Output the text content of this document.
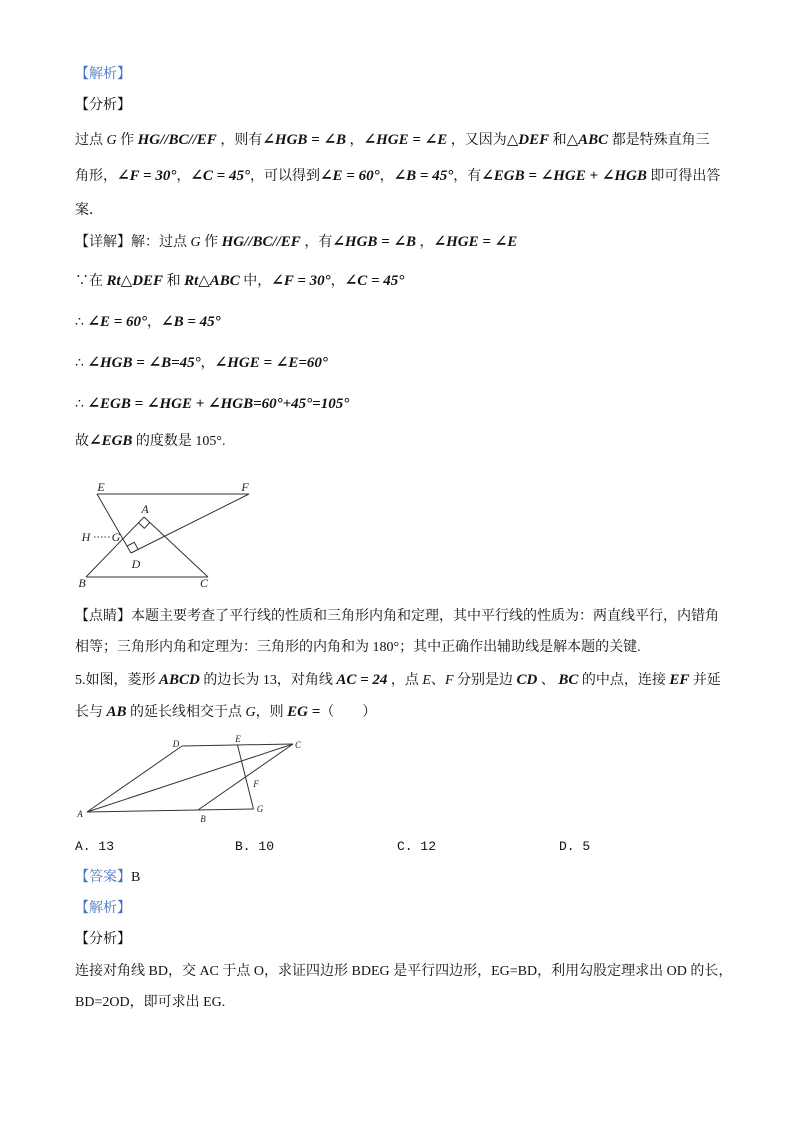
【解析】
【分析】
过点 G 作 HG//BC//EF ，则有∠HGB = ∠B ，∠HGE = ∠E ，又因为△DEF 和△ABC 都是特殊直角三
角形，∠F = 30°，∠C = 45°，可以得到∠E = 60°，∠B = 45°，有∠EGB = ∠HGE + ∠HGB 即可得出答
案．
【详解】解：过点 G 作 HG//BC//EF ，有∠HGB = ∠B ，∠HGE = ∠E
∵在 Rt△DEF 和 Rt△ABC 中，∠F = 30°，∠C = 45°
∴ ∠E = 60°，∠B = 45°
∴ ∠HGB = ∠B=45°，∠HGE = ∠E=60°
∴ ∠EGB = ∠HGE + ∠HGB=60°+45°=105°
故∠EGB 的度数是 105°.
E	F
A
H G
D
B	C
【点睛】本题主要考查了平行线的性质和三角形内角和定理，其中平行线的性质为：两直线平行，内错角
相等；三角形内角和定理为：三角形的内角和为 180°；其中正确作出辅助线是解本题的关键.
5.如图，菱形 ABCD 的边长为 13，对角线 AC = 24 ，点 E、F 分别是边 CD 、 BC 的中点，连接 EF 并延
长与 AB 的延长线相交于点 G，则 EG =（　　）
D	E
C
F
A	B
G
A. 13	B. 10	C. 12	D. 5
【答案】B
【解析】
【分析】
连接对角线 BD，交 AC 于点 O，求证四边形 BDEG 是平行四边形，EG=BD，利用勾股定理求出 OD 的长，
BD=2OD，即可求出 EG.
